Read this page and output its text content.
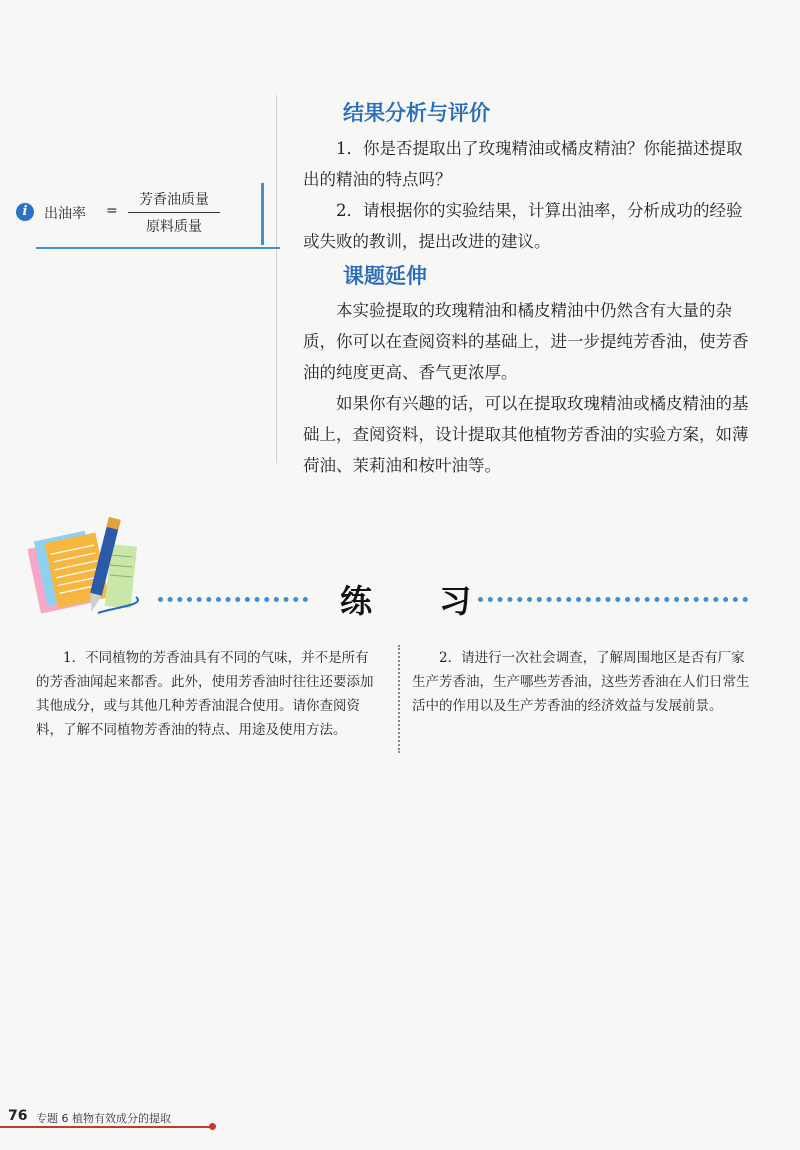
i	出油率 =
芳香油质量
原料质量
结果分析与评价

1．你是否提取出了玫瑰精油或橘皮精油？你能描述提取出的精油的特点吗？

2．请根据你的实验结果，计算出油率，分析成功的经验或失败的教训，提出改进的建议。

课题延伸

本实验提取的玫瑰精油和橘皮精油中仍然含有大量的杂质，你可以在查阅资料的基础上，进一步提纯芳香油，使芳香油的纯度更高、香气更浓厚。

如果你有兴趣的话，可以在提取玫瑰精油或橘皮精油的基础上，查阅资料，设计提取其他植物芳香油的实验方案，如薄荷油、茉莉油和桉叶油等。

练 习

1．不同植物的芳香油具有不同的气味，并不是所有的芳香油闻起来都香。此外，使用芳香油时往往还要添加其他成分，或与其他几种芳香油混合使用。请你查阅资料，了解不同植物芳香油的特点、用途及使用方法。

2．请进行一次社会调查，了解周围地区是否有厂家生产芳香油，生产哪些芳香油，这些芳香油在人们日常生活中的作用以及生产芳香油的经济效益与发展前景。

76 专题 6 植物有效成分的提取
